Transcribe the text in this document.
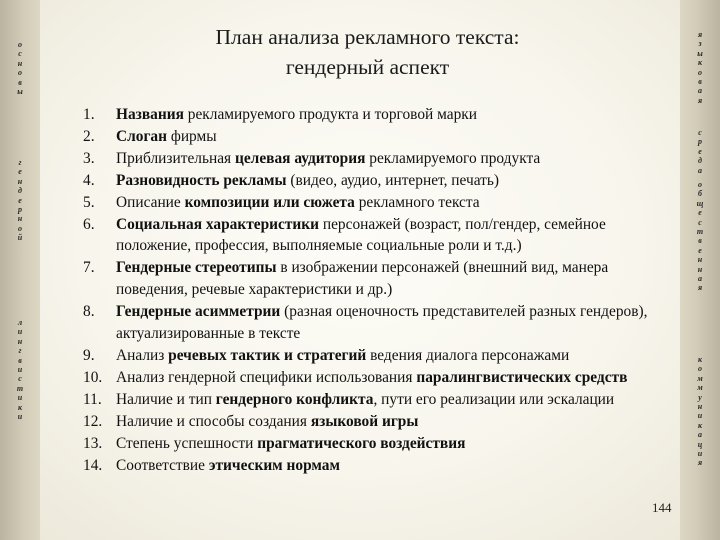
о
с
н
о
в
ы
г
е
н
д
е
р
н
о
й
л
и
н
г
в
и
с
т
и
к
и
я
з
ы
к
о
в
а
я
с
р
е
д
а
о
б
щ
е
с
т
в
е
н
н
а
я
к
о
м
м
у
н
и
к
а
ц
и
я
План анализа рекламного текста:
гендерный аспект
1. Названия рекламируемого продукта и торговой марки
2. Слоган фирмы
3. Приблизительная целевая аудитория рекламируемого продукта
4. Разновидность рекламы (видео, аудио, интернет, печать)
5. Описание композиции или сюжета рекламного текста
6. Социальная характеристики персонажей (возраст, пол/гендер, семейное положение, профессия, выполняемые социальные роли и т.д.)
7. Гендерные стереотипы в изображении персонажей (внешний вид, манера поведения, речевые характеристики и др.)
8. Гендерные асимметрии (разная оценочность представителей разных гендеров), актуализированные в тексте
9. Анализ речевых тактик и стратегий ведения диалога персонажами
10. Анализ гендерной специфики использования паралингвистических средств
11. Наличие и тип гендерного конфликта, пути его реализации или эскалации
12. Наличие и способы создания языковой игры
13. Степень успешности прагматического воздействия
14. Соответствие этическим нормам
144
